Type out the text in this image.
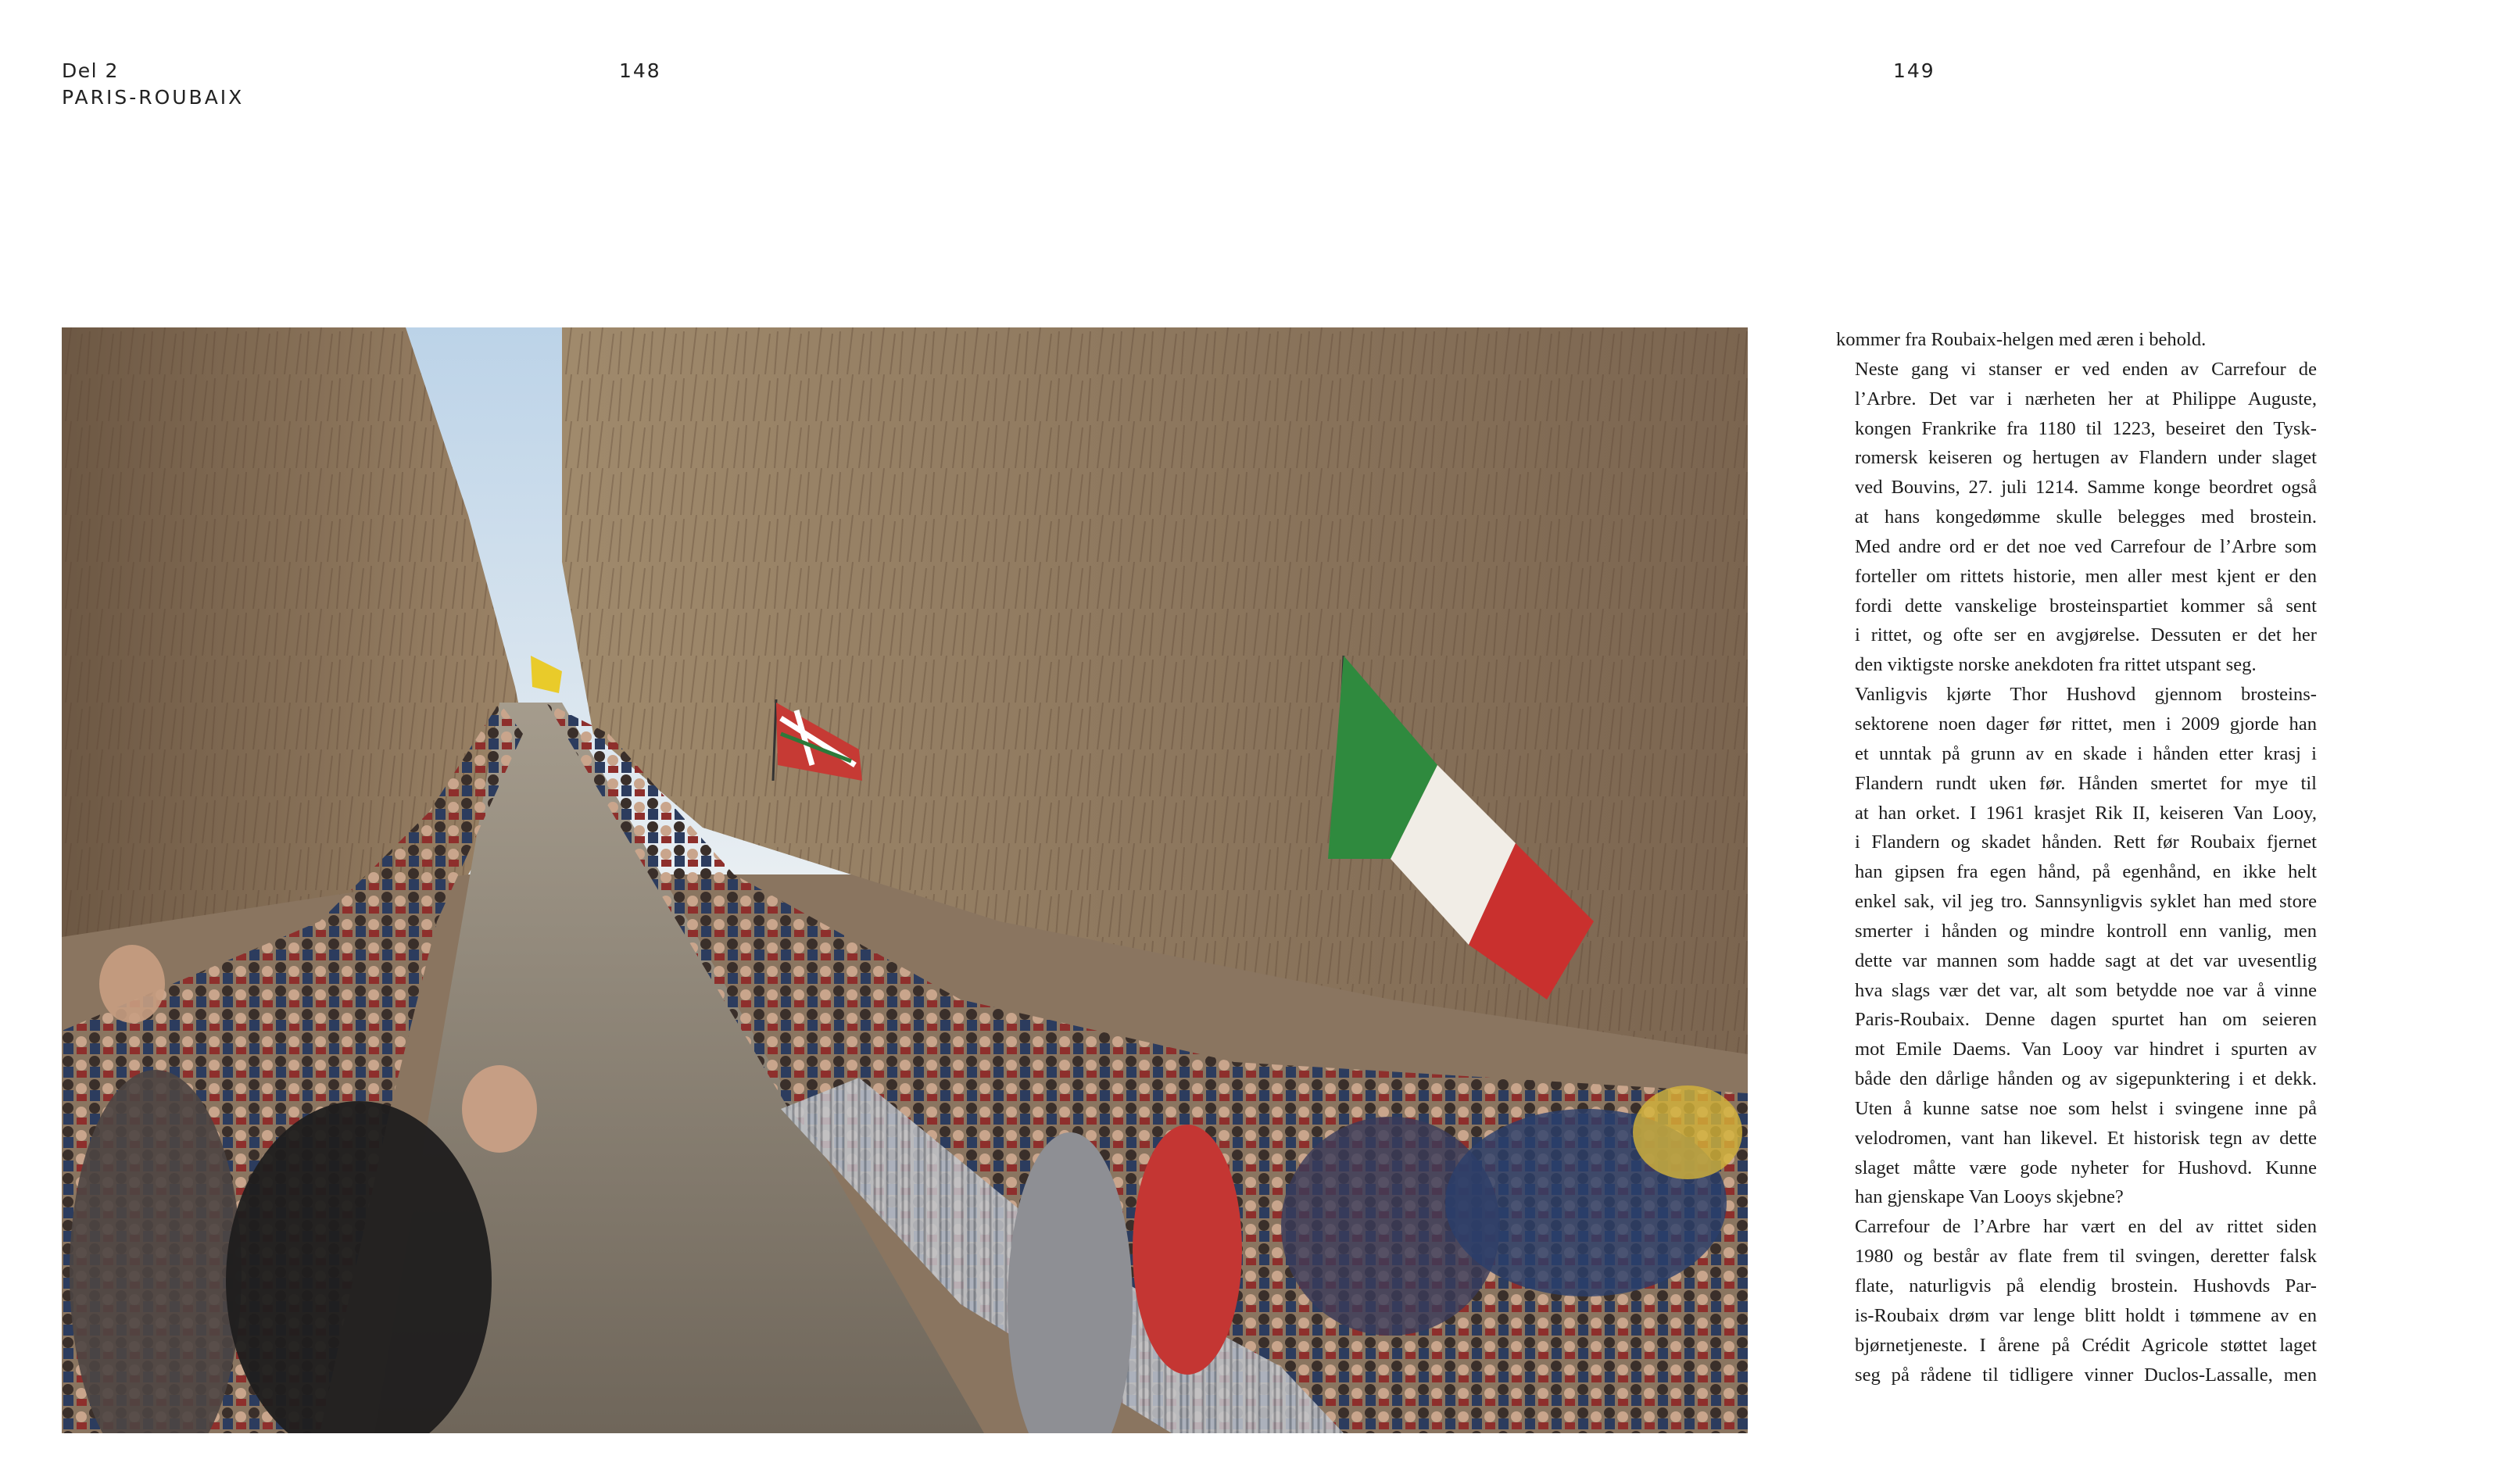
Del 2
PARIS-ROUBAIX
148	149

kommer fra Roubaix-helgen med æren i behold.

Neste gang vi stanser er ved enden av Carrefour de
l’Arbre. Det var i nærheten her at Philippe Auguste,
kongen Frankrike fra 1180 til 1223, beseiret den Tysk-
romersk keiseren og hertugen av Flandern under slaget
ved Bouvins, 27. juli 1214. Samme konge beordret også
at hans kongedømme skulle belegges med brostein.
Med andre ord er det noe ved Carrefour de l’Arbre som
forteller om rittets historie, men aller mest kjent er den
fordi dette vanskelige brosteinspartiet kommer så sent
i rittet, og ofte ser en avgjørelse. Dessuten er det her
den viktigste norske anekdoten fra rittet utspant seg.

Vanligvis kjørte Thor Hushovd gjennom brosteins-
sektorene noen dager før rittet, men i 2009 gjorde han
et unntak på grunn av en skade i hånden etter krasj i
Flandern rundt uken før. Hånden smertet for mye til
at han orket. I 1961 krasjet Rik II, keiseren Van Looy,
i Flandern og skadet hånden. Rett før Roubaix fjernet
han gipsen fra egen hånd, på egenhånd, en ikke helt
enkel sak, vil jeg tro. Sannsynligvis syklet han med store
smerter i hånden og mindre kontroll enn vanlig, men
dette var mannen som hadde sagt at det var uvesentlig
hva slags vær det var, alt som betydde noe var å vinne
Paris-Roubaix. Denne dagen spurtet han om seieren
mot Emile Daems. Van Looy var hindret i spurten av
både den dårlige hånden og av sigepunktering i et dekk.
Uten å kunne satse noe som helst i svingene inne på
velodromen, vant han likevel. Et historisk tegn av dette
slaget måtte være gode nyheter for Hushovd. Kunne
han gjenskape Van Looys skjebne?

Carrefour de l’Arbre har vært en del av rittet siden
1980 og består av flate frem til svingen, deretter falsk
flate, naturligvis på elendig brostein. Hushovds Par-
is-Roubaix drøm var lenge blitt holdt i tømmene av en
bjørnetjeneste. I årene på Crédit Agricole støttet laget
seg på rådene til tidligere vinner Duclos-Lassalle, men
